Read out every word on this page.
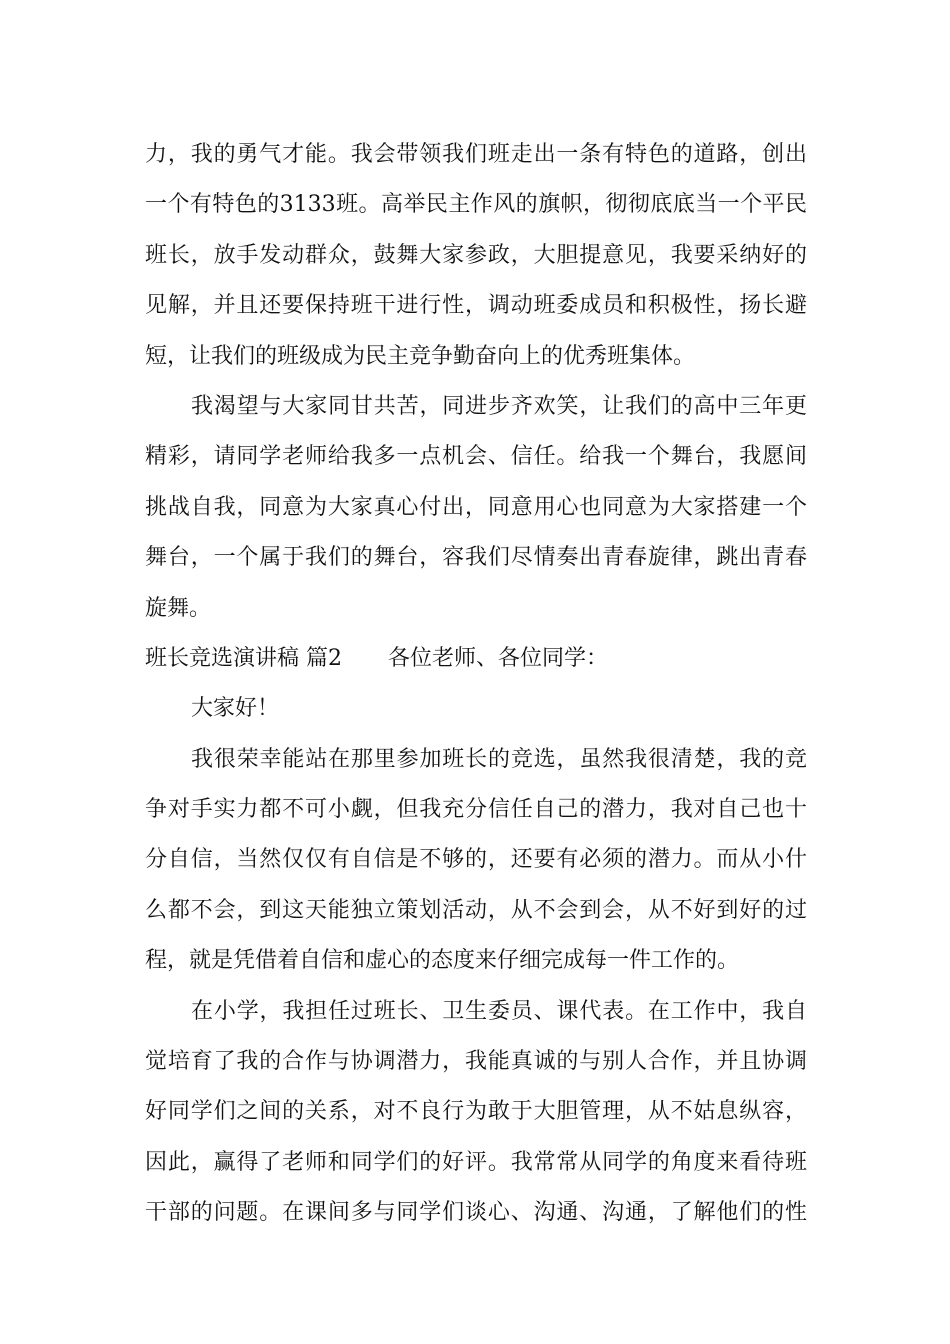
力，我的勇气才能。我会带领我们班走出一条有特色的道路，创出
一个有特色的3133班。高举民主作风的旗帜，彻彻底底当一个平民
班长，放手发动群众，鼓舞大家参政，大胆提意见，我要采纳好的
见解，并且还要保持班干进行性，调动班委成员和积极性，扬长避
短，让我们的班级成为民主竞争勤奋向上的优秀班集体。
我渴望与大家同甘共苦，同进步齐欢笑，让我们的高中三年更
精彩，请同学老师给我多一点机会、信任。给我一个舞台，我愿间
挑战自我，同意为大家真心付出，同意用心也同意为大家搭建一个
舞台，一个属于我们的舞台，容我们尽情奏出青春旋律，跳出青春
旋舞。
班长竞选演讲稿 篇2 各位老师、各位同学：
大家好！
我很荣幸能站在那里参加班长的竞选，虽然我很清楚，我的竞
争对手实力都不可小觑，但我充分信任自己的潜力，我对自己也十
分自信，当然仅仅有自信是不够的，还要有必须的潜力。而从小什
么都不会，到这天能独立策划活动，从不会到会，从不好到好的过
程，就是凭借着自信和虚心的态度来仔细完成每一件工作的。
在小学，我担任过班长、卫生委员、课代表。在工作中，我自
觉培育了我的合作与协调潜力，我能真诚的与别人合作，并且协调
好同学们之间的关系，对不良行为敢于大胆管理，从不姑息纵容，
因此，赢得了老师和同学们的好评。我常常从同学的角度来看待班
干部的问题。在课间多与同学们谈心、沟通、沟通，了解他们的性
